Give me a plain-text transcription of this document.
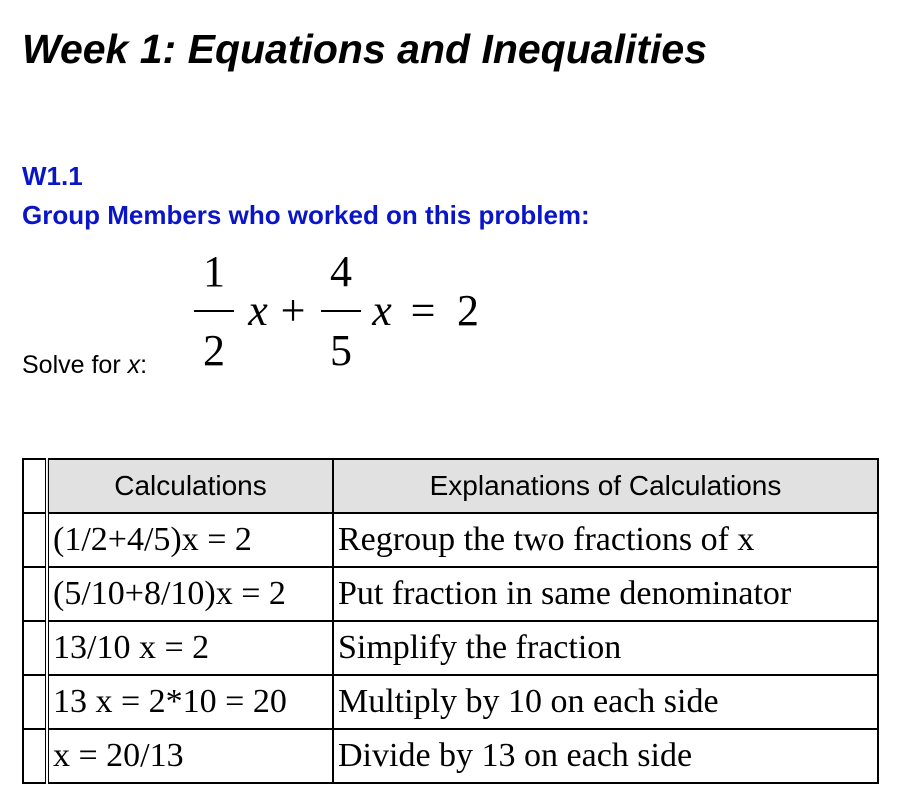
Week 1: Equations and Inequalities
W1.1
Group Members who worked on this problem:
Solve for x:
1
2
x +
4
5
x = 2
	Calculations	Explanations of Calculations
	(1/2+4/5)x = 2	Regroup the two fractions of x
	(5/10+8/10)x = 2	Put fraction in same denominator
	13/10 x = 2	Simplify the fraction
	13 x = 2*10 = 20	Multiply by 10 on each side
	x = 20/13	Divide by 13 on each side
